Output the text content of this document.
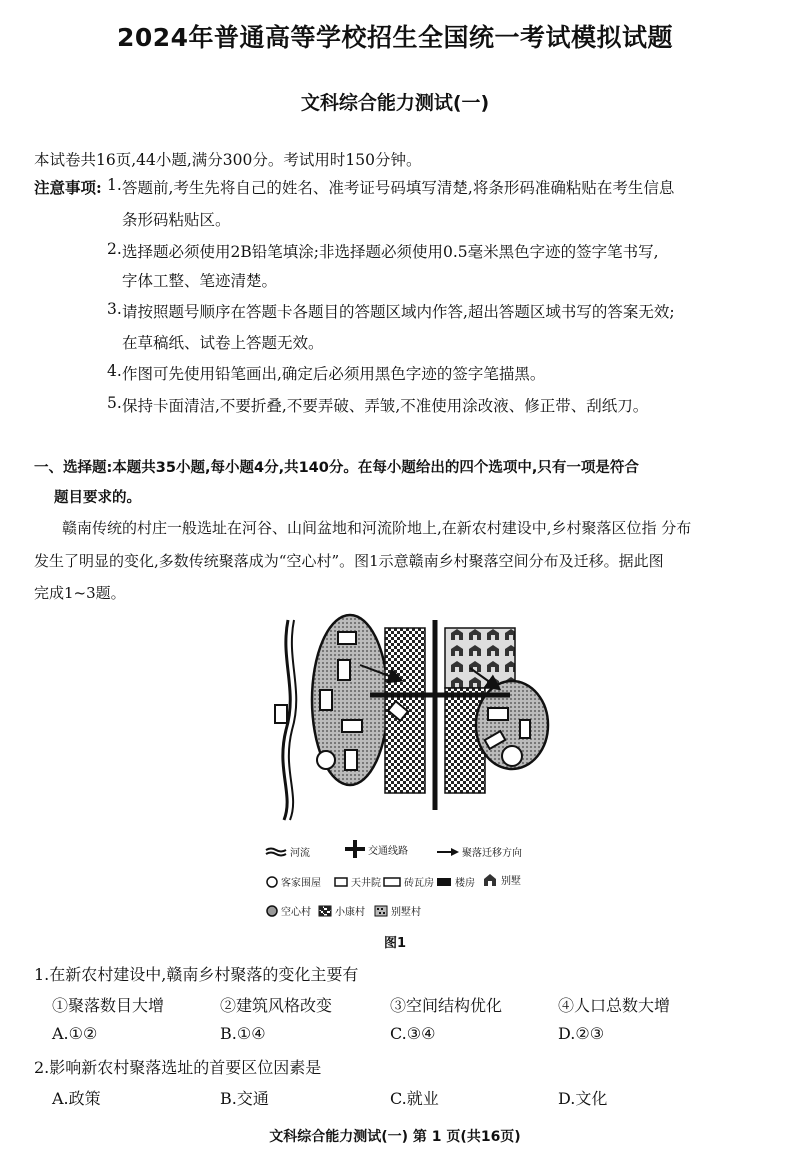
2024年普通高等学校招生全国统一考试模拟试题
文科综合能力测试(一)
本试卷共16页,44小题,满分300分。考试用时150分钟。
注意事项: 1. 答题前,考生先将自己的姓名、准考证号码填写清楚,将条形码准确粘贴在考生信息
条形码粘贴区。
2. 选择题必须使用2B铅笔填涂;非选择题必须使用0.5毫米黑色字迹的签字笔书写,
字体工整、笔迹清楚。
3. 请按照题号顺序在答题卡各题目的答题区域内作答,超出答题区域书写的答案无效;
在草稿纸、试卷上答题无效。
4. 作图可先使用铅笔画出,确定后必须用黑色字迹的签字笔描黑。
5. 保持卡面清洁,不要折叠,不要弄破、弄皱,不准使用涂改液、修正带、刮纸刀。
一、选择题:本题共35小题,每小题4分,共140分。在每小题给出的四个选项中,只有一项是符合
题目要求的。
赣南传统的村庄一般选址在河谷、山间盆地和河流阶地上,在新农村建设中,乡村聚落区位指 分布
发生了明显的变化,多数传统聚落成为“空心村”。图1示意赣南乡村聚落空间分布及迁移。据此图
完成1~3题。
河流	交通线路	聚落迁移方向
客家围屋	天井院 砖瓦房 楼房	别墅
空心村 小康村	别墅村
图1
1.在新农村建设中,赣南乡村聚落的变化主要有
①聚落数目大增	②建筑风格改变	③空间结构优化	④人口总数大增
A.①②	B.①④	C.③④	D.②③
2.影响新农村聚落选址的首要区位因素是
A.政策	B.交通	C.就业	D.文化
文科综合能力测试(一) 第 1 页(共16页)
